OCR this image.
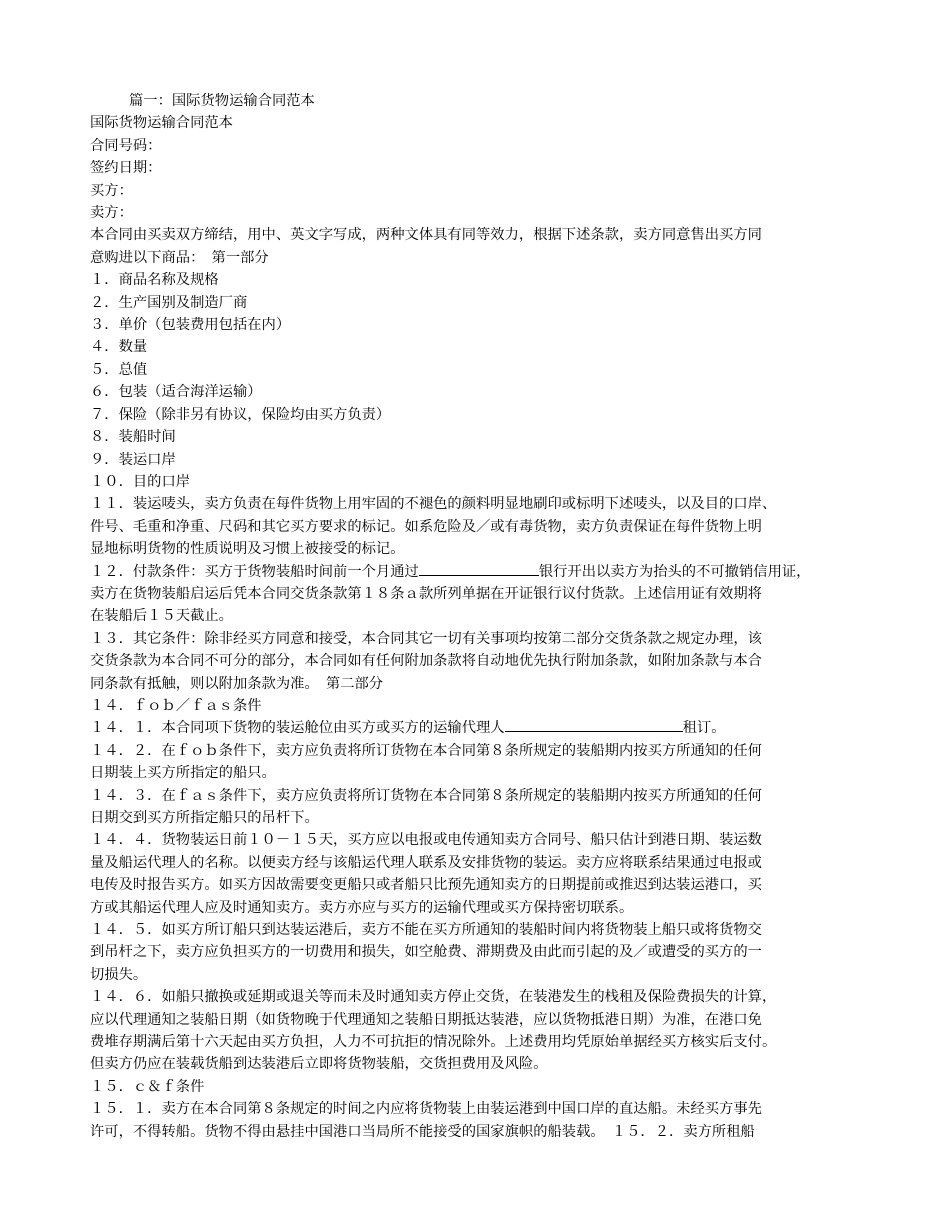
篇一：国际货物运输合同范本
国际货物运输合同范本
合同号码：
签约日期：
买方：
卖方：
本合同由买卖双方缔结，用中、英文字写成，两种文体具有同等效力，根据下述条款，卖方同意售出买方同
意购进以下商品：　第一部分
１．商品名称及规格
２．生产国别及制造厂商
３．单价（包装费用包括在内）
４．数量
５．总值
６．包装（适合海洋运输）
７．保险（除非另有协议，保险均由买方负责）
８．装船时间
９．装运口岸
１０．目的口岸
１１．装运唛头，卖方负责在每件货物上用牢固的不褪色的颜料明显地刷印或标明下述唛头，以及目的口岸、
件号、毛重和净重、尺码和其它买方要求的标记。如系危险及／或有毒货物，卖方负责保证在每件货物上明
显地标明货物的性质说明及习惯上被接受的标记。
１２．付款条件：买方于货物装船时间前一个月通过	银行开出以卖方为抬头的不可撤销信用证，
卖方在货物装船启运后凭本合同交货条款第１８条ａ款所列单据在开证银行议付货款。上述信用证有效期将
在装船后１５天截止。
１３．其它条件：除非经买方同意和接受，本合同其它一切有关事项均按第二部分交货条款之规定办理，该
交货条款为本合同不可分的部分，本合同如有任何附加条款将自动地优先执行附加条款，如附加条款与本合
同条款有抵触，则以附加条款为准。　第二部分
１４．ｆｏｂ／ｆａｓ条件
１４．１．本合同项下货物的装运舱位由买方或买方的运输代理人	租订。
１４．２．在ｆｏｂ条件下，卖方应负责将所订货物在本合同第８条所规定的装船期内按买方所通知的任何
日期装上买方所指定的船只。
１４．３．在ｆａｓ条件下，卖方应负责将所订货物在本合同第８条所规定的装船期内按买方所通知的任何
日期交到买方所指定船只的吊杆下。
１４．４．货物装运日前１０－１５天，买方应以电报或电传通知卖方合同号、船只估计到港日期、装运数
量及船运代理人的名称。以便卖方经与该船运代理人联系及安排货物的装运。卖方应将联系结果通过电报或
电传及时报告买方。如买方因故需要变更船只或者船只比预先通知卖方的日期提前或推迟到达装运港口，买
方或其船运代理人应及时通知卖方。卖方亦应与买方的运输代理或买方保持密切联系。
１４．５．如买方所订船只到达装运港后，卖方不能在买方所通知的装船时间内将货物装上船只或将货物交
到吊杆之下，卖方应负担买方的一切费用和损失，如空舱费、滞期费及由此而引起的及／或遭受的买方的一
切损失。
１４．６．如船只撤换或延期或退关等而未及时通知卖方停止交货，在装港发生的栈租及保险费损失的计算，
应以代理通知之装船日期（如货物晚于代理通知之装船日期抵达装港，应以货物抵港日期）为准，在港口免
费堆存期满后第十六天起由买方负担，人力不可抗拒的情况除外。上述费用均凭原始单据经买方核实后支付。
但卖方仍应在装载货船到达装港后立即将货物装船，交货担费用及风险。
１５．ｃ＆ｆ条件
１５．１．卖方在本合同第８条规定的时间之内应将货物装上由装运港到中国口岸的直达船。未经买方事先
许可，不得转船。货物不得由悬挂中国港口当局所不能接受的国家旗帜的船装载。　１５．２．卖方所租船
